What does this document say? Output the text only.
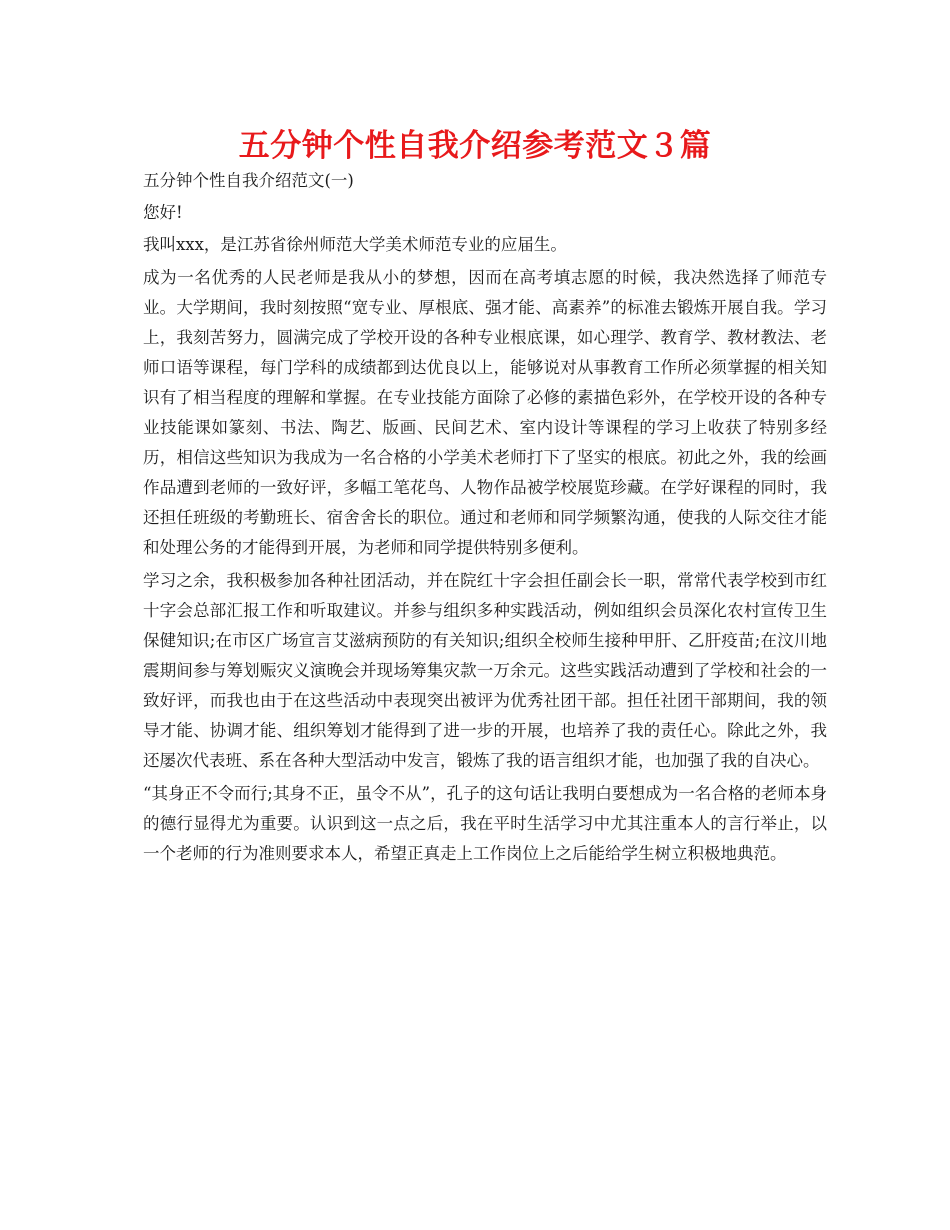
五分钟个性自我介绍参考范文３篇

五分钟个性自我介绍范文(一)

您好!

我叫xxx，是江苏省徐州师范大学美术师范专业的应届生。

成为一名优秀的人民老师是我从小的梦想，因而在高考填志愿的时候，我决然选择了师范专业。大学期间，我时刻按照“宽专业、厚根底、强才能、高素养”的标准去锻炼开展自我。学习上，我刻苦努力，圆满完成了学校开设的各种专业根底课，如心理学、教育学、教材教法、老师口语等课程，每门学科的成绩都到达优良以上，能够说对从事教育工作所必须掌握的相关知识有了相当程度的理解和掌握。在专业技能方面除了必修的素描色彩外，在学校开设的各种专业技能课如篆刻、书法、陶艺、版画、民间艺术、室内设计等课程的学习上收获了特别多经历，相信这些知识为我成为一名合格的小学美术老师打下了坚实的根底。初此之外，我的绘画作品遭到老师的一致好评，多幅工笔花鸟、人物作品被学校展览珍藏。在学好课程的同时，我还担任班级的考勤班长、宿舍舍长的职位。通过和老师和同学频繁沟通，使我的人际交往才能和处理公务的才能得到开展，为老师和同学提供特别多便利。

学习之余，我积极参加各种社团活动，并在院红十字会担任副会长一职，常常代表学校到市红十字会总部汇报工作和听取建议。并参与组织多种实践活动，例如组织会员深化农村宣传卫生保健知识;在市区广场宣言艾滋病预防的有关知识;组织全校师生接种甲肝、乙肝疫苗;在汶川地震期间参与筹划赈灾义演晚会并现场筹集灾款一万余元。这些实践活动遭到了学校和社会的一致好评，而我也由于在这些活动中表现突出被评为优秀社团干部。担任社团干部期间，我的领导才能、协调才能、组织筹划才能得到了进一步的开展，也培养了我的责任心。除此之外，我还屡次代表班、系在各种大型活动中发言，锻炼了我的语言组织才能，也加强了我的自决心。

“其身正不令而行;其身不正，虽令不从”，孔子的这句话让我明白要想成为一名合格的老师本身的德行显得尤为重要。认识到这一点之后，我在平时生活学习中尤其注重本人的言行举止，以一个老师的行为准则要求本人，希望正真走上工作岗位上之后能给学生树立积极地典范。
